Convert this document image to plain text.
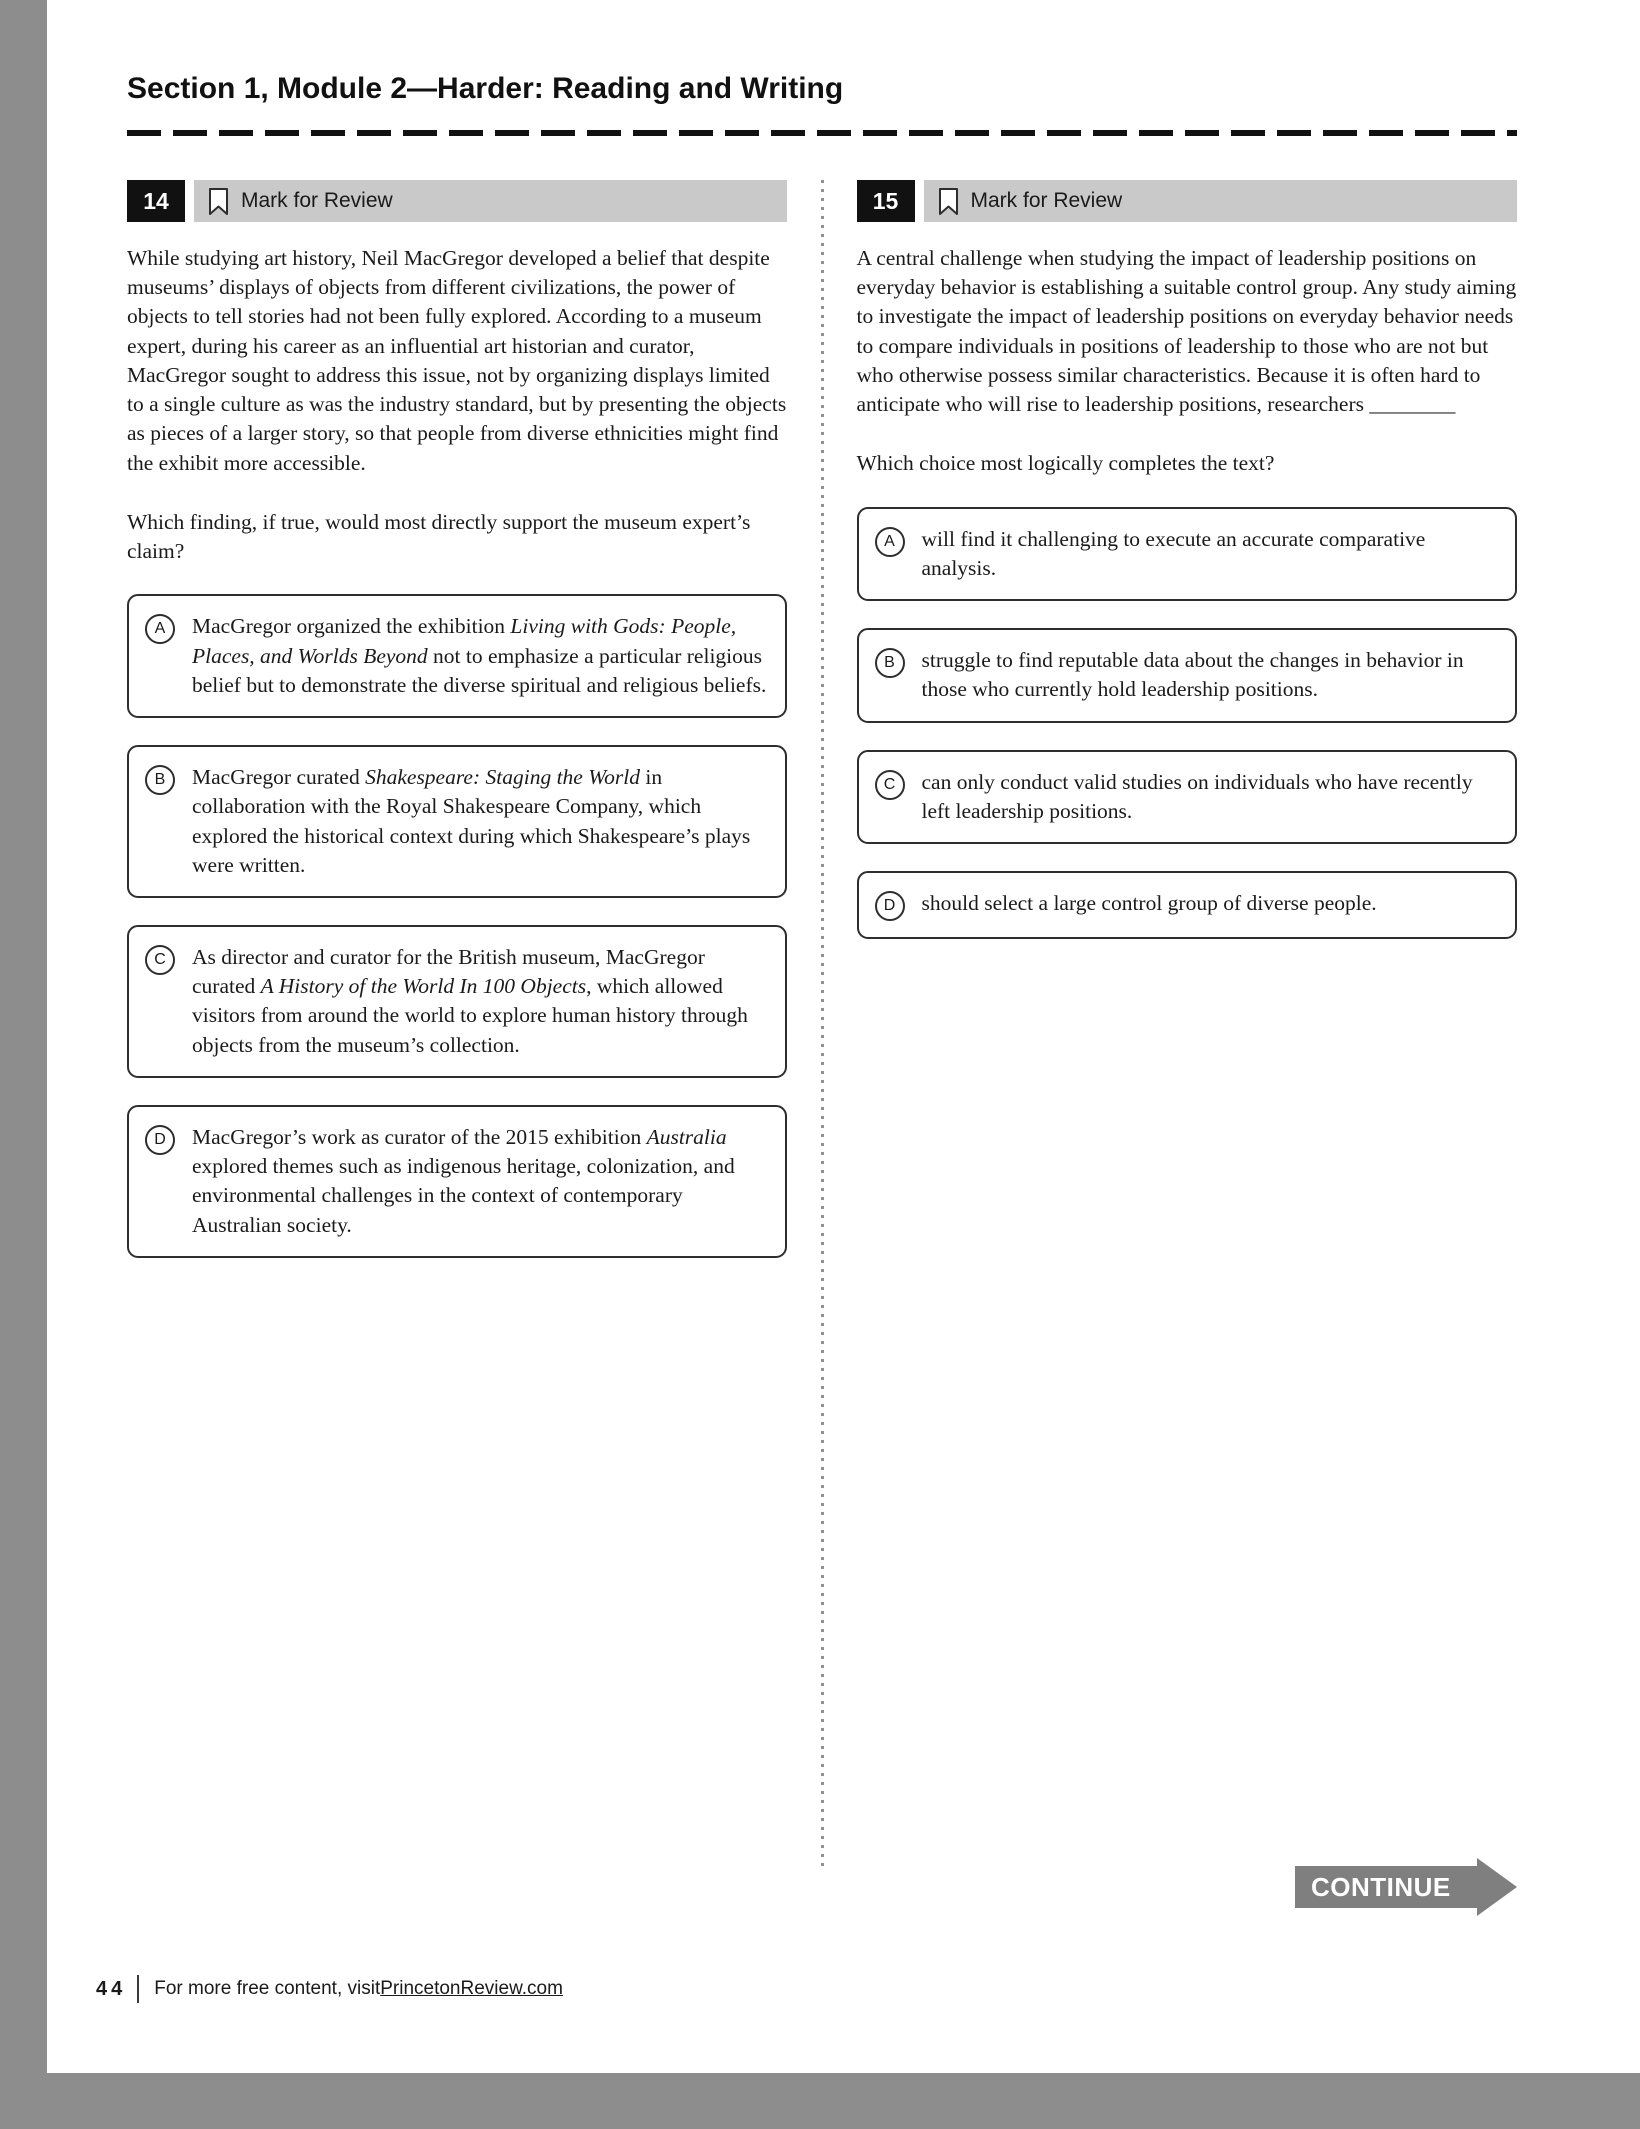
Section 1, Module 2—Harder: Reading and Writing
14	Mark for Review

While studying art history, Neil MacGregor developed a belief that despite museums’ displays of objects from different civilizations, the power of objects to tell stories had not been fully explored. According to a museum expert, during his career as an influential art historian and curator, MacGregor sought to address this issue, not by organizing displays limited to a single culture as was the industry standard, but by presenting the objects as pieces of a larger story, so that people from diverse ethnicities might find the exhibit more accessible.

Which finding, if true, would most directly support the museum expert’s claim?

A	MacGregor organized the exhibition Living with Gods: People, Places, and Worlds Beyond not to emphasize a particular religious belief but to demonstrate the diverse spiritual and religious beliefs.
B	MacGregor curated Shakespeare: Staging the World in collaboration with the Royal Shakespeare Company, which explored the historical context during which Shakespeare’s plays were written.
C	As director and curator for the British museum, MacGregor curated A History of the World In 100 Objects, which allowed visitors from around the world to explore human history through objects from the museum’s collection.
D	MacGregor’s work as curator of the 2015 exhibition Australia explored themes such as indigenous heritage, colonization, and environmental challenges in the context of contemporary Australian society.
15	Mark for Review

A central challenge when studying the impact of leadership positions on everyday behavior is establishing a suitable control group. Any study aiming to investigate the impact of leadership positions on everyday behavior needs to compare individuals in positions of leadership to those who are not but who otherwise possess similar characteristics. Because it is often hard to anticipate who will rise to leadership positions, researchers ________

Which choice most logically completes the text?

A	will find it challenging to execute an accurate comparative analysis.
B	struggle to find reputable data about the changes in behavior in those who currently hold leadership positions.
C	can only conduct valid studies on individuals who have recently left leadership positions.
D	should select a large control group of diverse people.
CONTINUE
44 For more free content, visit PrincetonReview.com
